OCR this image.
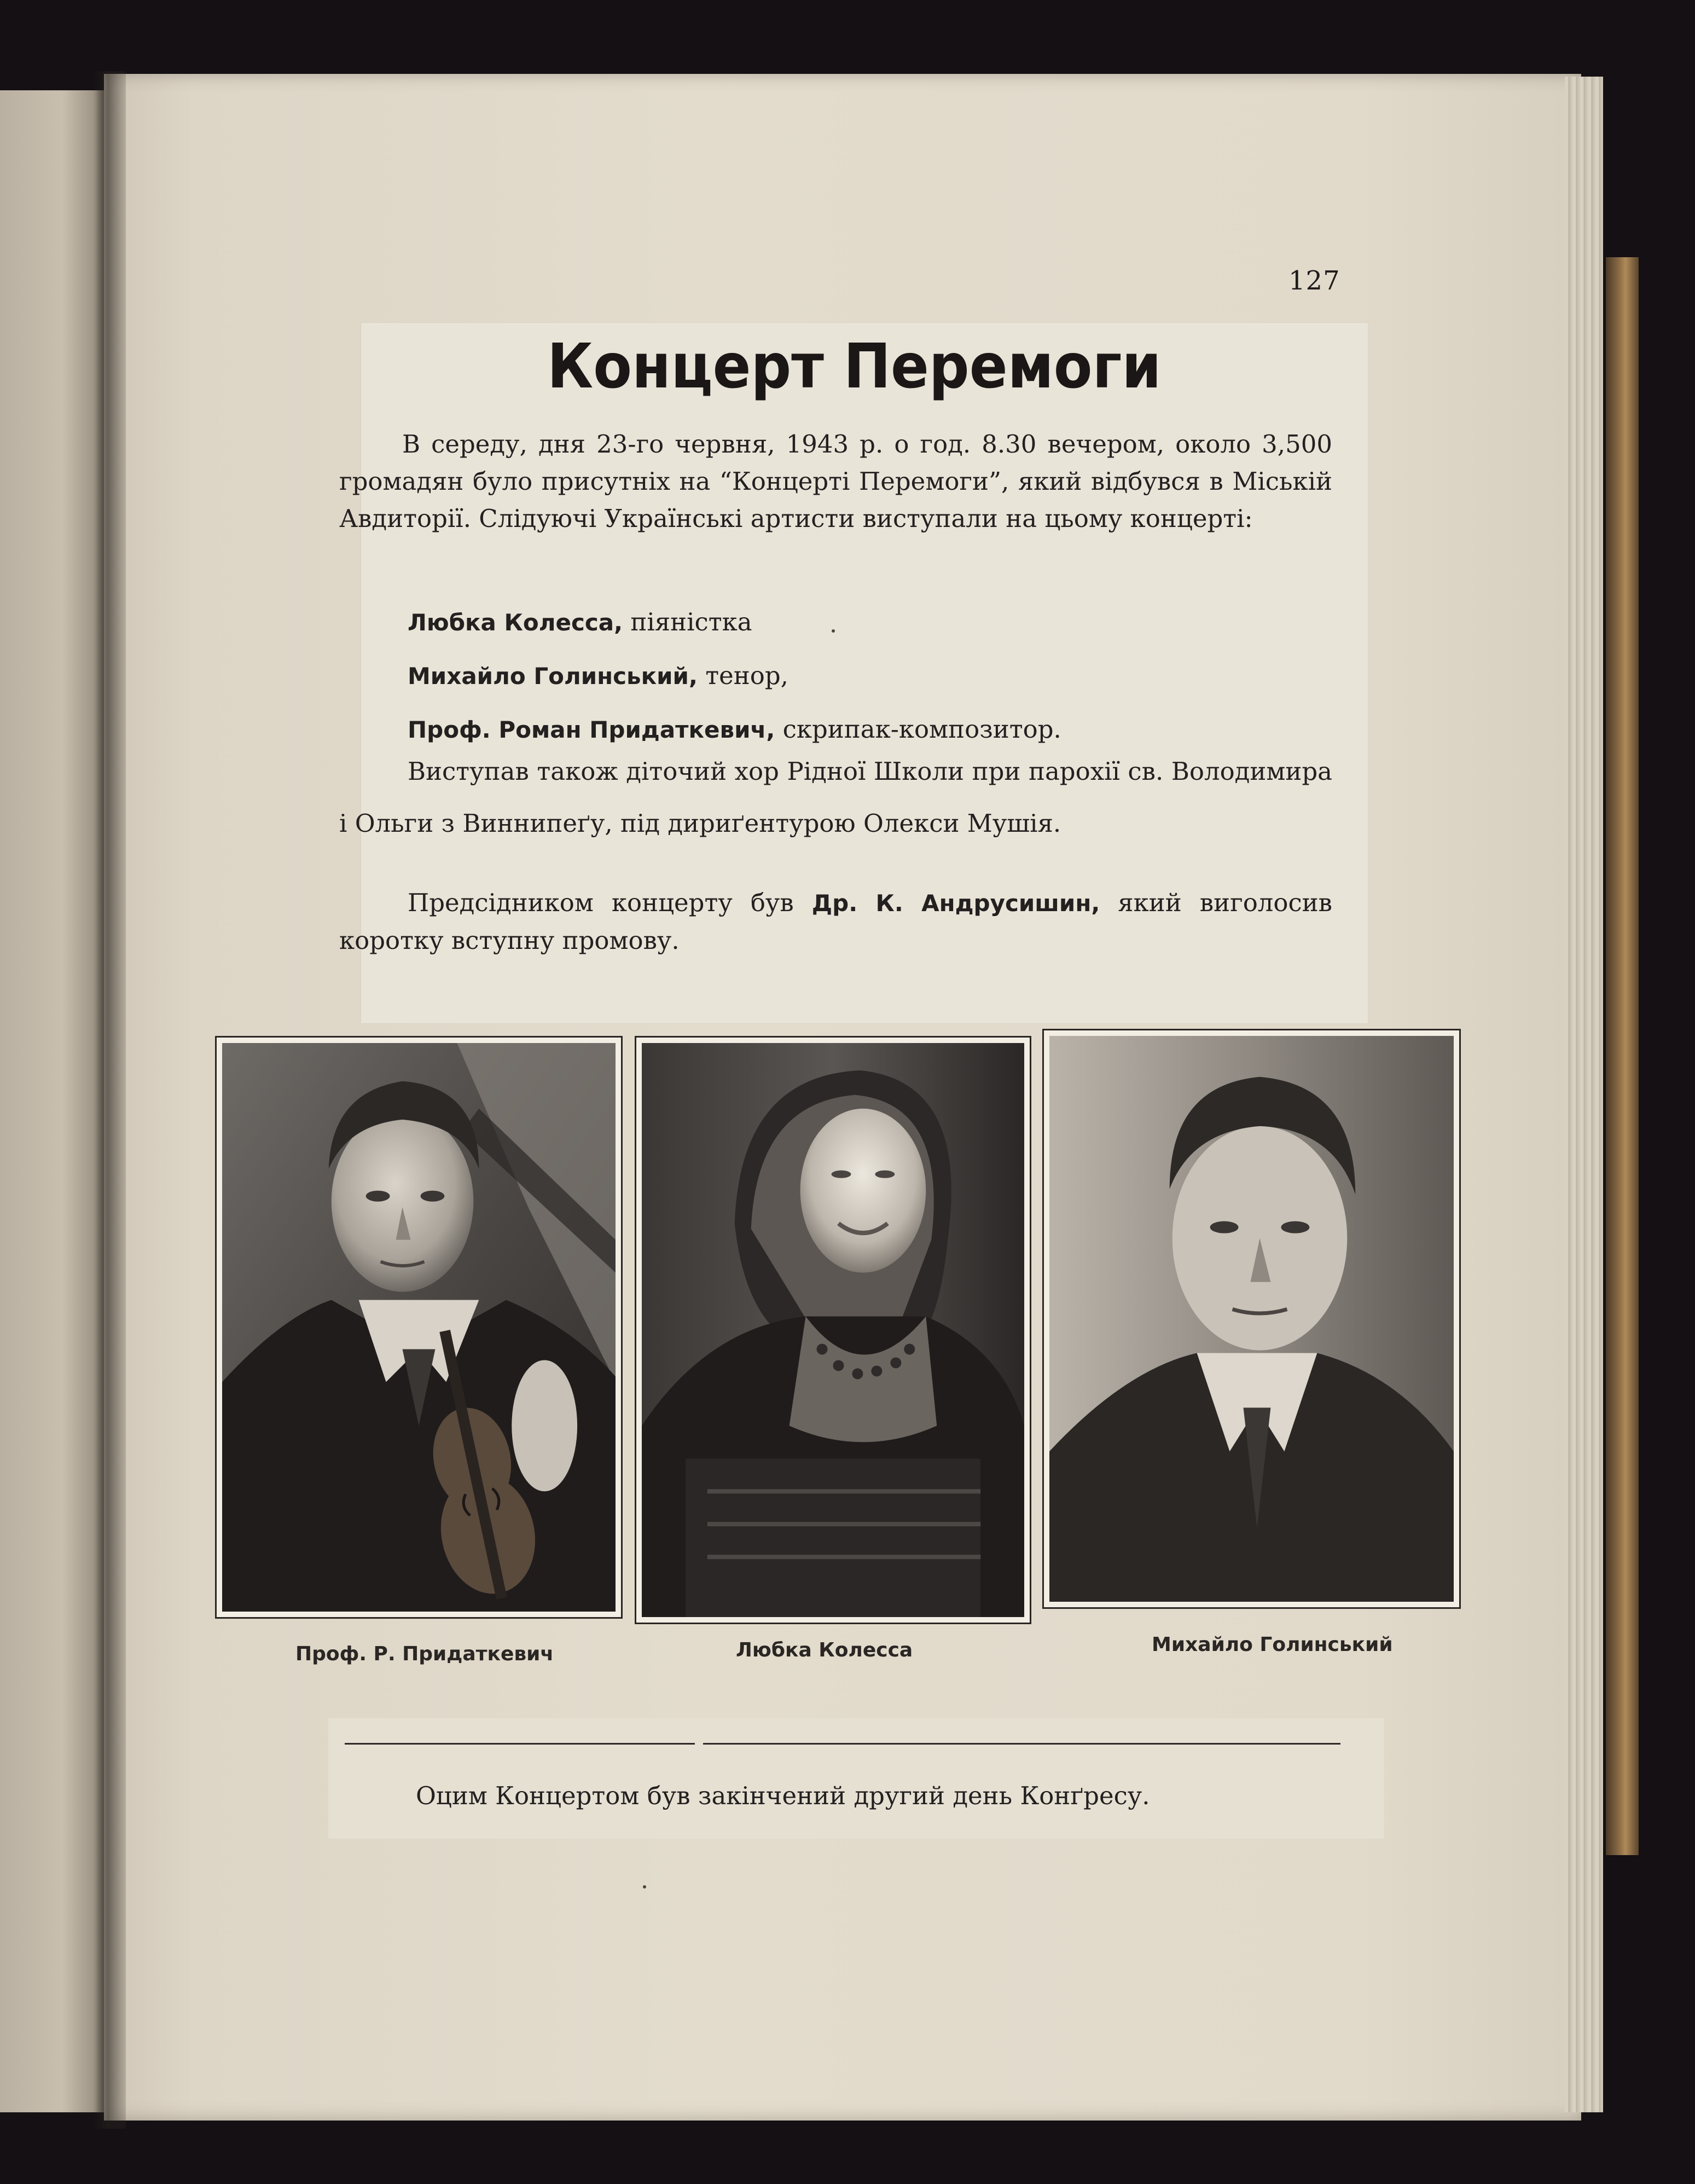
127
Концерт Перемоги
В середу, дня 23-го червня, 1943 р. о год. 8.30 вечером, около 3,500 громадян було присутніх на “Концерті Перемоги”, який відбувся в Міській Авдиторії. Слідуючі Українські артисти виступали на цьому концерті:
Любка Колесса, піяністка
Михайло Голинський, тенор,
Проф. Роман Придаткевич, скрипак-композитор.
Виступав також діточий хор Рідної Школи при парохії св. Володимира і Ольги з Виннипеґу, під дириґентурою Олекси Мушія.
Предсідником концерту був Др. К. Андрусишин, який виголосив коротку вступну промову.
Проф. Р. Придаткевич	Любка Колесса	Михайло Голинський
Оцим Концертом був закінчений другий день Конґресу.
